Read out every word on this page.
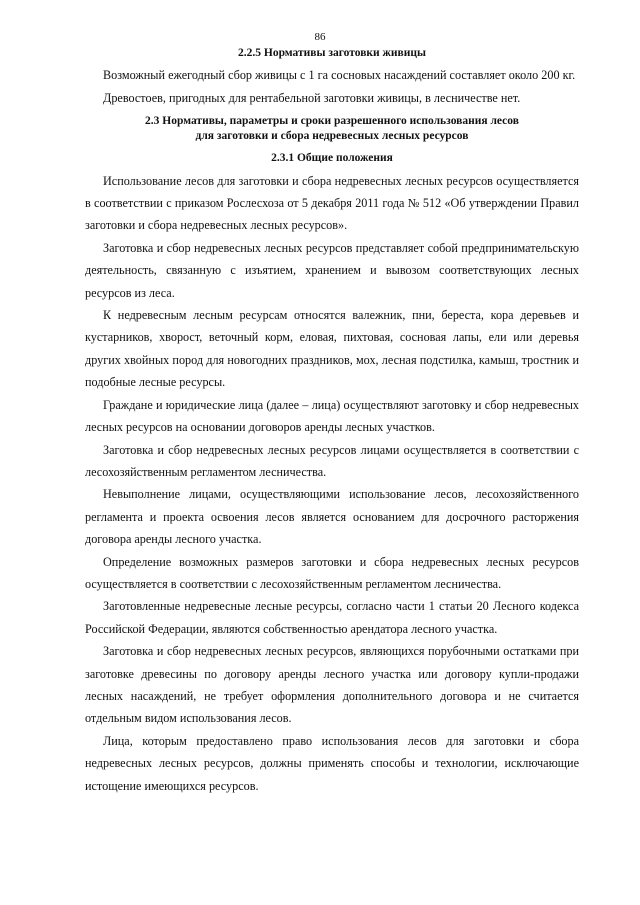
86
2.2.5 Нормативы заготовки живицы

Возможный ежегодный сбор живицы с 1 га сосновых насаждений составляет около 200 кг.

Древостоев, пригодных для рентабельной заготовки живицы, в лесничестве нет.

2.3 Нормативы, параметры и сроки разрешенного использования лесов
для заготовки и сбора недревесных лесных ресурсов
2.3.1 Общие положения

Использование лесов для заготовки и сбора недревесных лесных ресурсов осуществляется в соответствии с приказом Рослесхоза от 5 декабря 2011 года № 512 «Об утверждении Правил заготовки и сбора недревесных лесных ресурсов».

Заготовка и сбор недревесных лесных ресурсов представляет собой предпринимательскую деятельность, связанную с изъятием, хранением и вывозом соответствующих лесных ресурсов из леса.

К недревесным лесным ресурсам относятся валежник, пни, береста, кора деревьев и кустарников, хворост, веточный корм, еловая, пихтовая, сосновая лапы, ели или деревья других хвойных пород для новогодних праздников, мох, лесная подстилка, камыш, тростник и подобные лесные ресурсы.

Граждане и юридические лица (далее – лица) осуществляют заготовку и сбор недревесных лесных ресурсов на основании договоров аренды лесных участков.

Заготовка и сбор недревесных лесных ресурсов лицами осуществляется в соответствии с лесохозяйственным регламентом лесничества.

Невыполнение лицами, осуществляющими использование лесов, лесохозяйственного регламента и проекта освоения лесов является основанием для досрочного расторжения договора аренды лесного участка.

Определение возможных размеров заготовки и сбора недревесных лесных ресурсов осуществляется в соответствии с лесохозяйственным регламентом лесничества.

Заготовленные недревесные лесные ресурсы, согласно части 1 статьи 20 Лесного кодекса Российской Федерации, являются собственностью арендатора лесного участка.

Заготовка и сбор недревесных лесных ресурсов, являющихся порубочными остатками при заготовке древесины по договору аренды лесного участка или договору купли-продажи лесных насаждений, не требует оформления дополнительного договора и не считается отдельным видом использования лесов.

Лица, которым предоставлено право использования лесов для заготовки и сбора недревесных лесных ресурсов, должны применять способы и технологии, исключающие истощение имеющихся ресурсов.
